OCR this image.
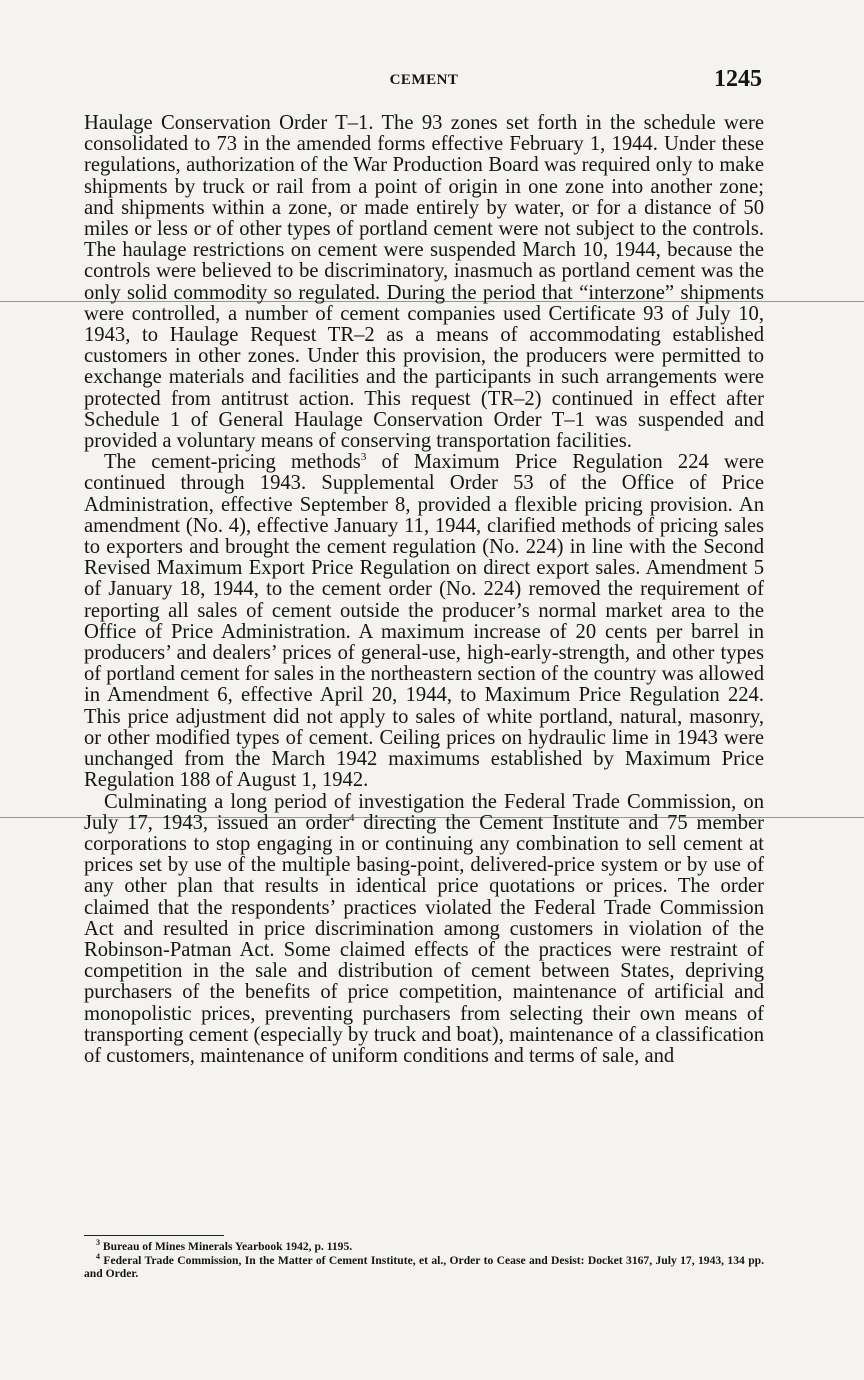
CEMENT	1245

Haulage Conservation Order T–1. The 93 zones set forth in the schedule were consolidated to 73 in the amended forms effective February 1, 1944. Under these regulations, authorization of the War Production Board was required only to make shipments by truck or rail from a point of origin in one zone into another zone; and shipments within a zone, or made entirely by water, or for a distance of 50 miles or less or of other types of portland cement were not subject to the controls. The haulage restrictions on cement were suspended March 10, 1944, because the controls were believed to be discriminatory, inasmuch as portland cement was the only solid commodity so regulated. During the period that “interzone” shipments were controlled, a number of cement companies used Certificate 93 of July 10, 1943, to Haulage Request TR–2 as a means of accommodating established customers in other zones. Under this provision, the producers were permitted to exchange materials and facilities and the participants in such arrangements were protected from antitrust action. This request (TR–2) continued in effect after Schedule 1 of General Haulage Conservation Order T–1 was suspended and provided a voluntary means of conserving transportation facilities.

The cement-pricing methods$^3$ of Maximum Price Regulation 224 were continued through 1943. Supplemental Order 53 of the Office of Price Administration, effective September 8, provided a flexible pricing provision. An amendment (No. 4), effective January 11, 1944, clarified methods of pricing sales to exporters and brought the cement regulation (No. 224) in line with the Second Revised Maximum Export Price Regulation on direct export sales. Amendment 5 of January 18, 1944, to the cement order (No. 224) removed the requirement of reporting all sales of cement outside the producer’s normal market area to the Office of Price Administration. A maximum increase of 20 cents per barrel in producers’ and dealers’ prices of general-use, high-early-strength, and other types of portland cement for sales in the northeastern section of the country was allowed in Amendment 6, effective April 20, 1944, to Maximum Price Regulation 224. This price adjustment did not apply to sales of white portland, natural, masonry, or other modified types of cement. Ceiling prices on hydraulic lime in 1943 were unchanged from the March 1942 maximums established by Maximum Price Regulation 188 of August 1, 1942.

Culminating a long period of investigation the Federal Trade Commission, on July 17, 1943, issued an order$^4$ directing the Cement Institute and 75 member corporations to stop engaging in or continuing any combination to sell cement at prices set by use of the multiple basing-point, delivered-price system or by use of any other plan that results in identical price quotations or prices. The order claimed that the respondents’ practices violated the Federal Trade Commission Act and resulted in price discrimination among customers in violation of the Robinson-Patman Act. Some claimed effects of the practices were restraint of competition in the sale and distribution of cement between States, depriving purchasers of the benefits of price competition, maintenance of artificial and monopolistic prices, preventing purchasers from selecting their own means of transporting cement (especially by truck and boat), maintenance of a classification of customers, maintenance of uniform conditions and terms of sale, and

$^3$ Bureau of Mines Minerals Yearbook 1942, p. 1195.

$^4$ Federal Trade Commission, In the Matter of Cement Institute, et al., Order to Cease and Desist: Docket 3167, July 17, 1943, 134 pp. and Order.
